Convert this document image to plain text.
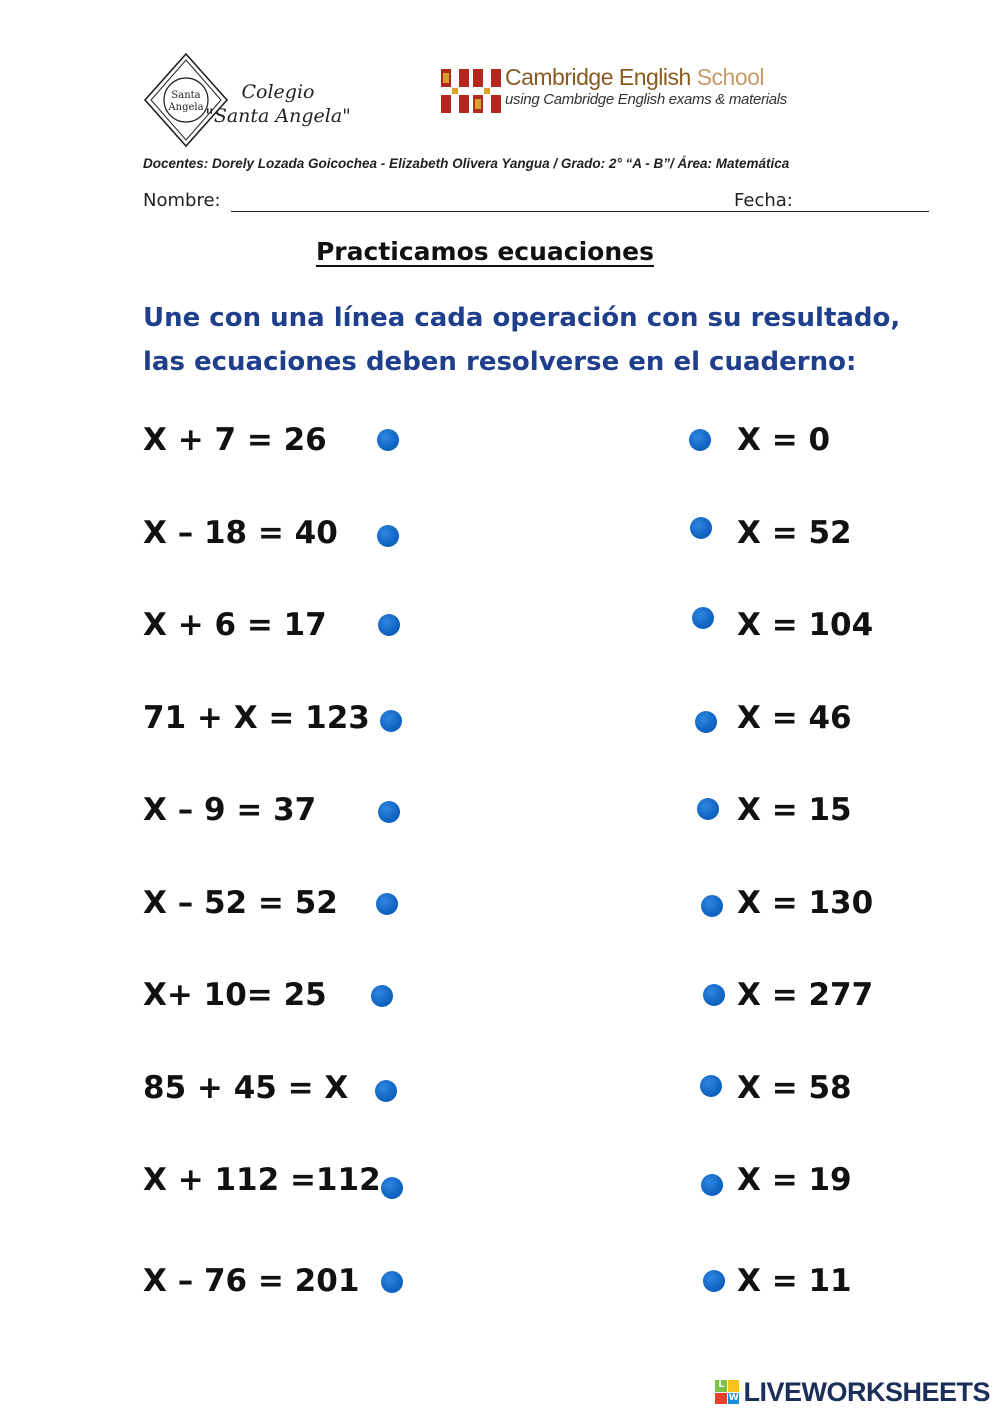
Santa
Angela
Colegio
"Santa Angela"
Cambridge English School
using Cambridge English exams & materials
Docentes: Dorely Lozada Goicochea - Elizabeth Olivera Yangua / Grado: 2° “A - B”/ Área: Matemática
Nombre:	Fecha:
Practicamos ecuaciones
Une con una línea cada operación con su resultado,
las ecuaciones deben resolverse en el cuaderno:
X + 7 = 26
X – 18 = 40
X + 6 = 17
71 + X = 123
X – 9 = 37
X – 52 = 52
X+ 10= 25
85 + 45 = X
X + 112 =112
X – 76 = 201
X = 0
X = 52
X = 104
X = 46
X = 15
X = 130
X = 277
X = 58
X = 19
X = 11
L
W LIVEWORKSHEETS
